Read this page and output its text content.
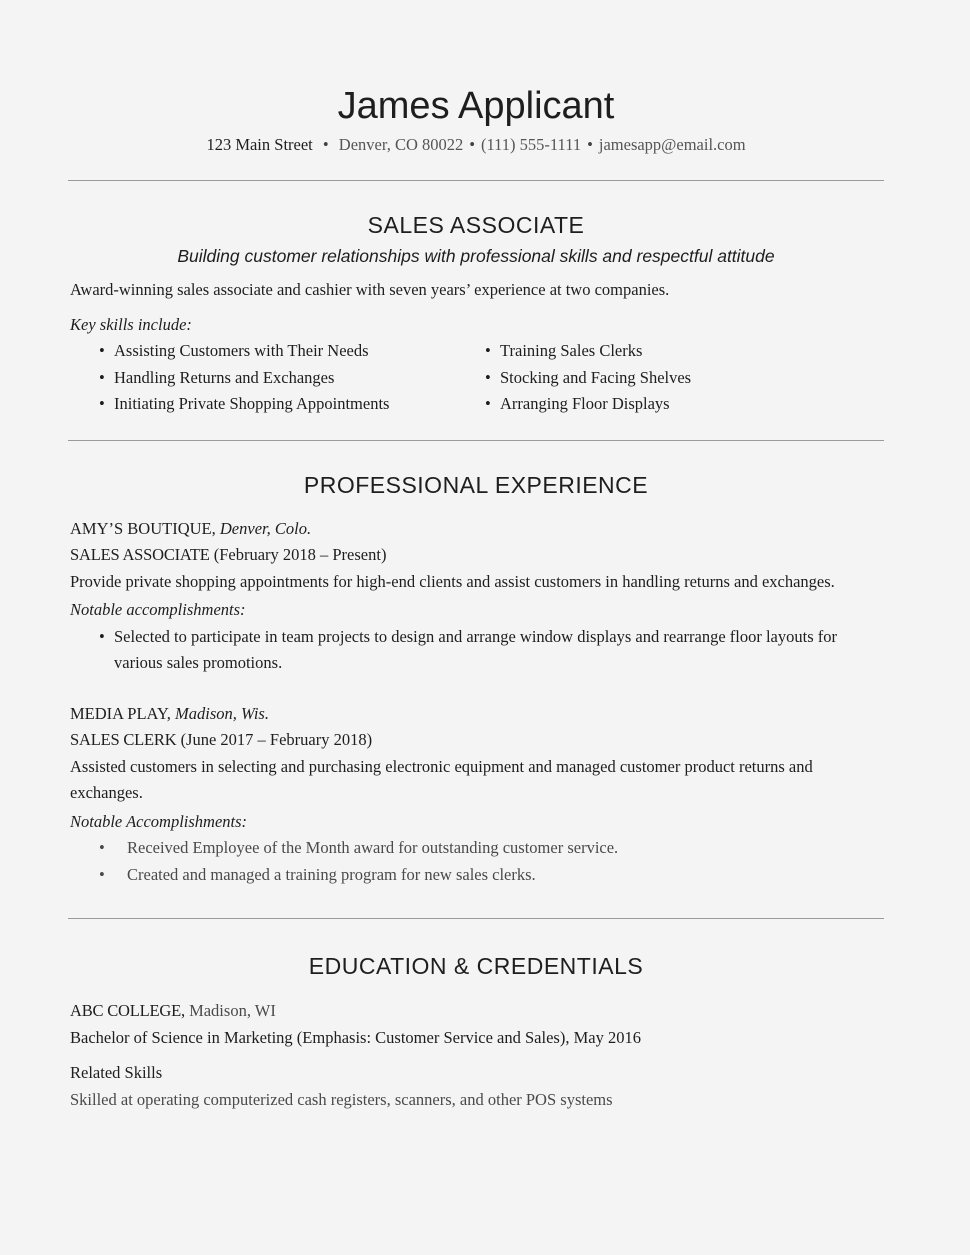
James Applicant
123 Main Street • Denver, CO 80022 • (111) 555-1111 • jamesapp@email.com
SALES ASSOCIATE
Building customer relationships with professional skills and respectful attitude

Award-winning sales associate and cashier with seven years’ experience at two companies.

Key skills include:

• Assisting Customers with Their Needs
• Handling Returns and Exchanges
• Initiating Private Shopping Appointments
• Training Sales Clerks
• Stocking and Facing Shelves
• Arranging Floor Displays
PROFESSIONAL EXPERIENCE

AMY’S BOUTIQUE, Denver, Colo.

SALES ASSOCIATE (February 2018 – Present)

Provide private shopping appointments for high-end clients and assist customers in handling returns and exchanges.

Notable accomplishments:

• Selected to participate in team projects to design and arrange window displays and rearrange floor layouts for various sales promotions.

MEDIA PLAY, Madison, Wis.

SALES CLERK (June 2017 – February 2018)

Assisted customers in selecting and purchasing electronic equipment and managed customer product returns and exchanges.

Notable Accomplishments:

• Received Employee of the Month award for outstanding customer service.
• Created and managed a training program for new sales clerks.
EDUCATION & CREDENTIALS

ABC COLLEGE, Madison, WI

Bachelor of Science in Marketing (Emphasis: Customer Service and Sales), May 2016

Related Skills

Skilled at operating computerized cash registers, scanners, and other POS systems
